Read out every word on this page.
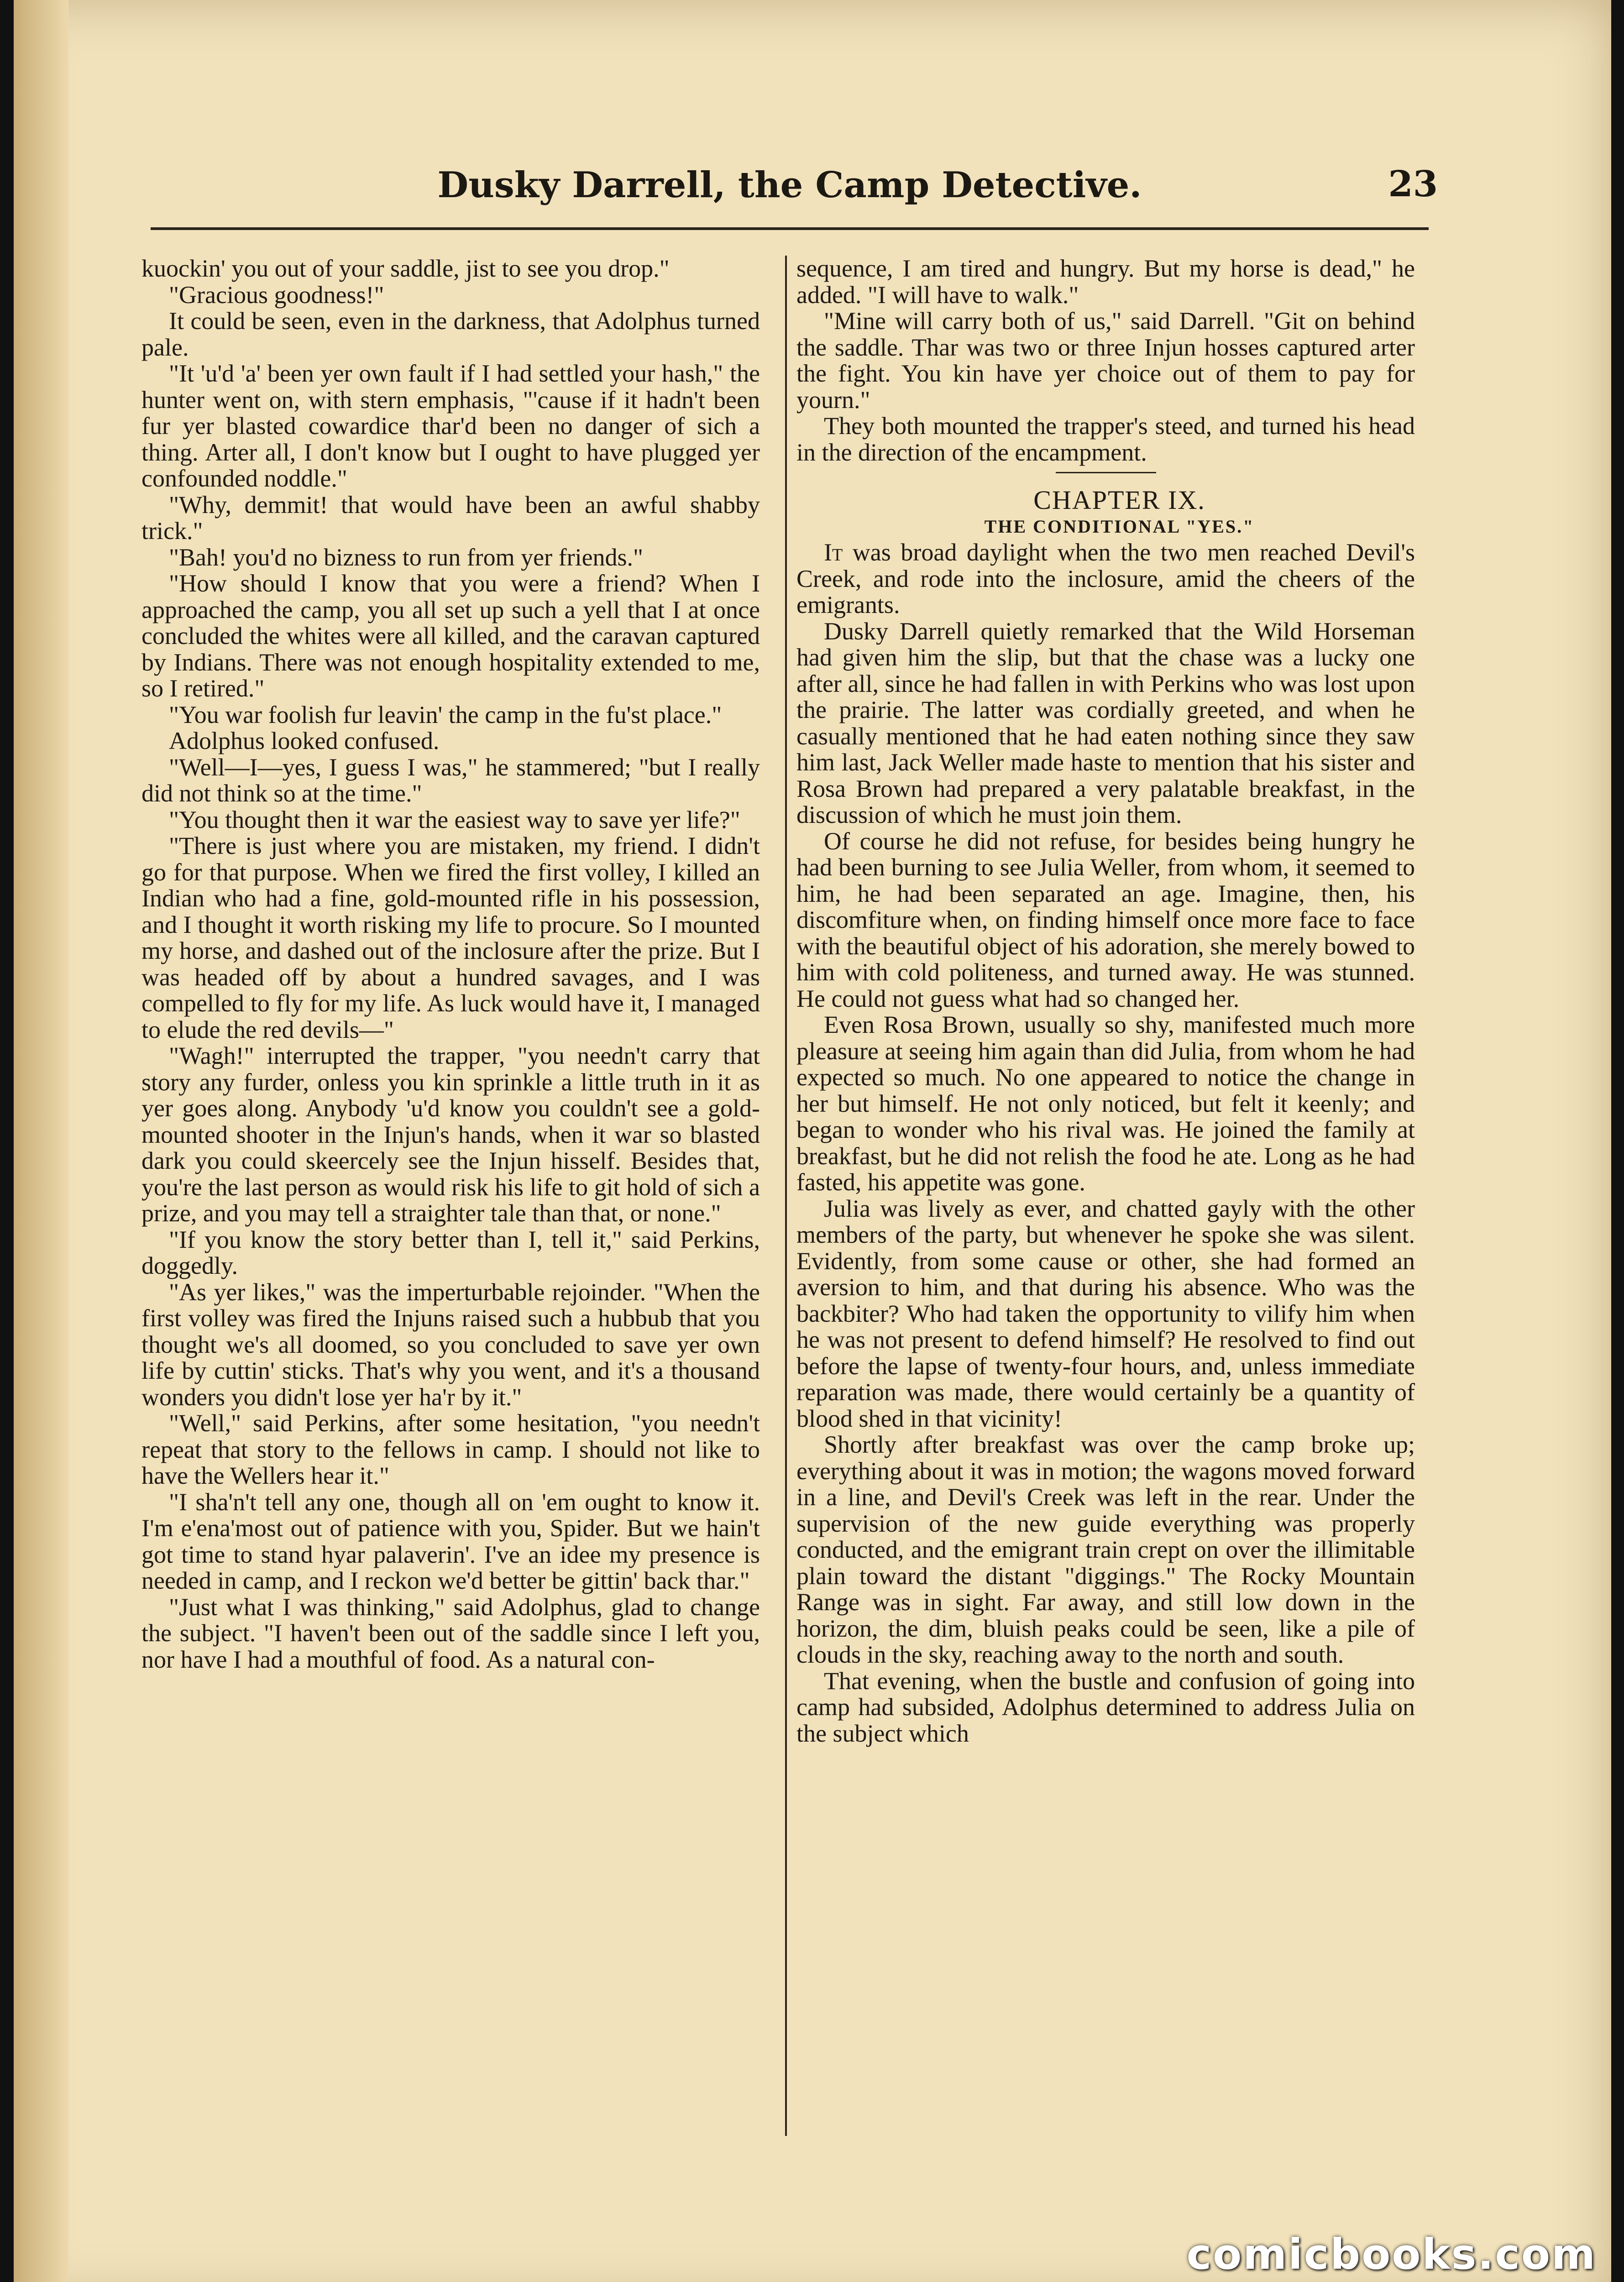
Dusky Darrell, the Camp Detective.	23

kuockin' you out of your saddle, jist to see you drop."

"Gracious goodness!"

It could be seen, even in the darkness, that Adolphus turned pale.

"It 'u'd 'a' been yer own fault if I had settled your hash," the hunter went on, with stern emphasis, "'cause if it hadn't been fur yer blasted cowardice thar'd been no danger of sich a thing. Arter all, I don't know but I ought to have plugged yer confounded noddle."

"Why, demmit! that would have been an awful shabby trick."

"Bah! you'd no bizness to run from yer friends."

"How should I know that you were a friend? When I approached the camp, you all set up such a yell that I at once concluded the whites were all killed, and the caravan captured by Indians. There was not enough hospitality extended to me, so I retired."

"You war foolish fur leavin' the camp in the fu'st place."

Adolphus looked confused.

"Well—I—yes, I guess I was," he stammered; "but I really did not think so at the time."

"You thought then it war the easiest way to save yer life?"

"There is just where you are mistaken, my friend. I didn't go for that purpose. When we fired the first volley, I killed an Indian who had a fine, gold-mounted rifle in his possession, and I thought it worth risking my life to procure. So I mounted my horse, and dashed out of the inclosure after the prize. But I was headed off by about a hundred savages, and I was compelled to fly for my life. As luck would have it, I managed to elude the red devils—"

"Wagh!" interrupted the trapper, "you needn't carry that story any furder, onless you kin sprinkle a little truth in it as yer goes along. Anybody 'u'd know you couldn't see a gold-mounted shooter in the Injun's hands, when it war so blasted dark you could skeercely see the Injun hisself. Besides that, you're the last person as would risk his life to git hold of sich a prize, and you may tell a straighter tale than that, or none."

"If you know the story better than I, tell it," said Perkins, doggedly.

"As yer likes," was the imperturbable rejoinder. "When the first volley was fired the Injuns raised such a hubbub that you thought we's all doomed, so you concluded to save yer own life by cuttin' sticks. That's why you went, and it's a thousand wonders you didn't lose yer ha'r by it."

"Well," said Perkins, after some hesitation, "you needn't repeat that story to the fellows in camp. I should not like to have the Wellers hear it."

"I sha'n't tell any one, though all on 'em ought to know it. I'm e'ena'most out of patience with you, Spider. But we hain't got time to stand hyar palaverin'. I've an idee my presence is needed in camp, and I reckon we'd better be gittin' back thar."

"Just what I was thinking," said Adolphus, glad to change the subject. "I haven't been out of the saddle since I left you, nor have I had a mouthful of food. As a natural con-

sequence, I am tired and hungry. But my horse is dead," he added. "I will have to walk."

"Mine will carry both of us," said Darrell. "Git on behind the saddle. Thar was two or three Injun hosses captured arter the fight. You kin have yer choice out of them to pay for yourn."

They both mounted the trapper's steed, and turned his head in the direction of the encampment.

CHAPTER IX.

THE CONDITIONAL "YES."

It was broad daylight when the two men reached Devil's Creek, and rode into the inclosure, amid the cheers of the emigrants.

Dusky Darrell quietly remarked that the Wild Horseman had given him the slip, but that the chase was a lucky one after all, since he had fallen in with Perkins who was lost upon the prairie. The latter was cordially greeted, and when he casually mentioned that he had eaten nothing since they saw him last, Jack Weller made haste to mention that his sister and Rosa Brown had prepared a very palatable breakfast, in the discussion of which he must join them.

Of course he did not refuse, for besides being hungry he had been burning to see Julia Weller, from whom, it seemed to him, he had been separated an age. Imagine, then, his discomfiture when, on finding himself once more face to face with the beautiful object of his adoration, she merely bowed to him with cold politeness, and turned away. He was stunned. He could not guess what had so changed her.

Even Rosa Brown, usually so shy, manifested much more pleasure at seeing him again than did Julia, from whom he had expected so much. No one appeared to notice the change in her but himself. He not only noticed, but felt it keenly; and began to wonder who his rival was. He joined the family at breakfast, but he did not relish the food he ate. Long as he had fasted, his appetite was gone.

Julia was lively as ever, and chatted gayly with the other members of the party, but whenever he spoke she was silent. Evidently, from some cause or other, she had formed an aversion to him, and that during his absence. Who was the backbiter? Who had taken the opportunity to vilify him when he was not present to defend himself? He resolved to find out before the lapse of twenty-four hours, and, unless immediate reparation was made, there would certainly be a quantity of blood shed in that vicinity!

Shortly after breakfast was over the camp broke up; everything about it was in motion; the wagons moved forward in a line, and Devil's Creek was left in the rear. Under the supervision of the new guide everything was properly conducted, and the emigrant train crept on over the illimitable plain toward the distant "diggings." The Rocky Mountain Range was in sight. Far away, and still low down in the horizon, the dim, bluish peaks could be seen, like a pile of clouds in the sky, reaching away to the north and south.

That evening, when the bustle and confusion of going into camp had subsided, Adolphus determined to address Julia on the subject which

comicbooks.com
